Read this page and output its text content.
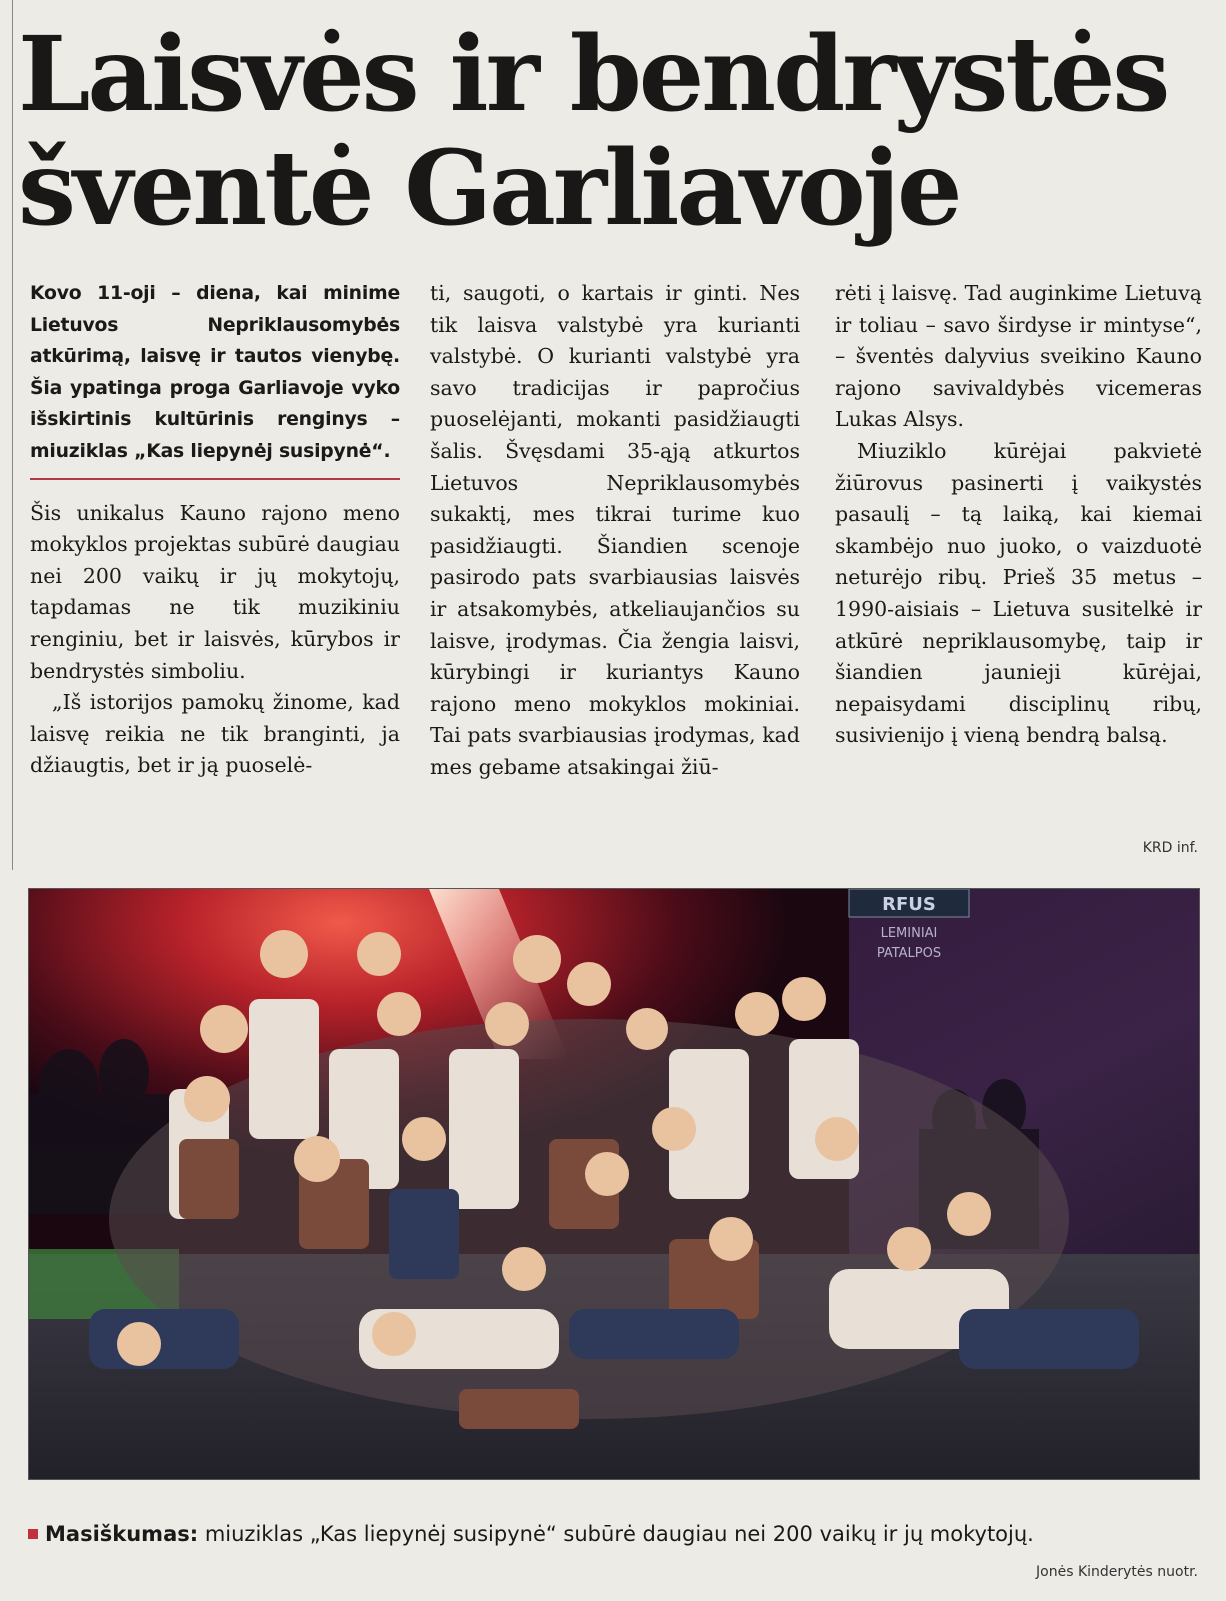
Laisvės ir bendrystės
šventė Garliavoje

Kovo 11-oji – diena, kai minime Lietuvos Nepriklausomybės atkūrimą, laisvę ir tautos vienybę. Šia ypatinga proga Garliavoje vyko išskirtinis kultūrinis renginys – miuziklas „Kas liepynėj susipynė“.

Šis unikalus Kauno rajono meno mokyklos projektas subūrė daugiau nei 200 vaikų ir jų mokytojų, tapdamas ne tik muzikiniu renginiu, bet ir laisvės, kūrybos ir bendrystės simboliu.

„Iš istorijos pamokų žinome, kad laisvę reikia ne tik branginti, ja džiaugtis, bet ir ją puoselė-

ti, saugoti, o kartais ir ginti. Nes tik laisva valstybė yra kurianti valstybė. O kurianti valstybė yra savo tradicijas ir papročius puoselėjanti, mokanti pasidžiaugti šalis. Švęsdami 35-ąją atkurtos Lietuvos Nepriklausomybės sukaktį, mes tikrai turime kuo pasidžiaugti. Šiandien scenoje pasirodo pats svarbiausias laisvės ir atsakomybės, atkeliaujančios su laisve, įrodymas. Čia žengia laisvi, kūrybingi ir kuriantys Kauno rajono meno mokyklos mokiniai. Tai pats svarbiausias įrodymas, kad mes gebame atsakingai žiū-

rėti į laisvę. Tad auginkime Lietuvą ir toliau – savo širdyse ir mintyse“, – šventės dalyvius sveikino Kauno rajono savivaldybės vicemeras Lukas Alsys.

Miuziklo kūrėjai pakvietė žiūrovus pasinerti į vaikystės pasaulį – tą laiką, kai kiemai skambėjo nuo juoko, o vaizduotė neturėjo ribų. Prieš 35 metus – 1990-aisiais – Lietuva susitelkė ir atkūrė nepriklausomybę, taip ir šiandien jaunieji kūrėjai, nepaisydami disciplinų ribų, susivienijo į vieną bendrą balsą.

KRD inf.
RFUS
LEMINIAI
PATALPOS
Masiškumas: miuziklas „Kas liepynėj susipynė“ subūrė daugiau nei 200 vaikų ir jų mokytojų.
Jonės Kinderytės nuotr.
